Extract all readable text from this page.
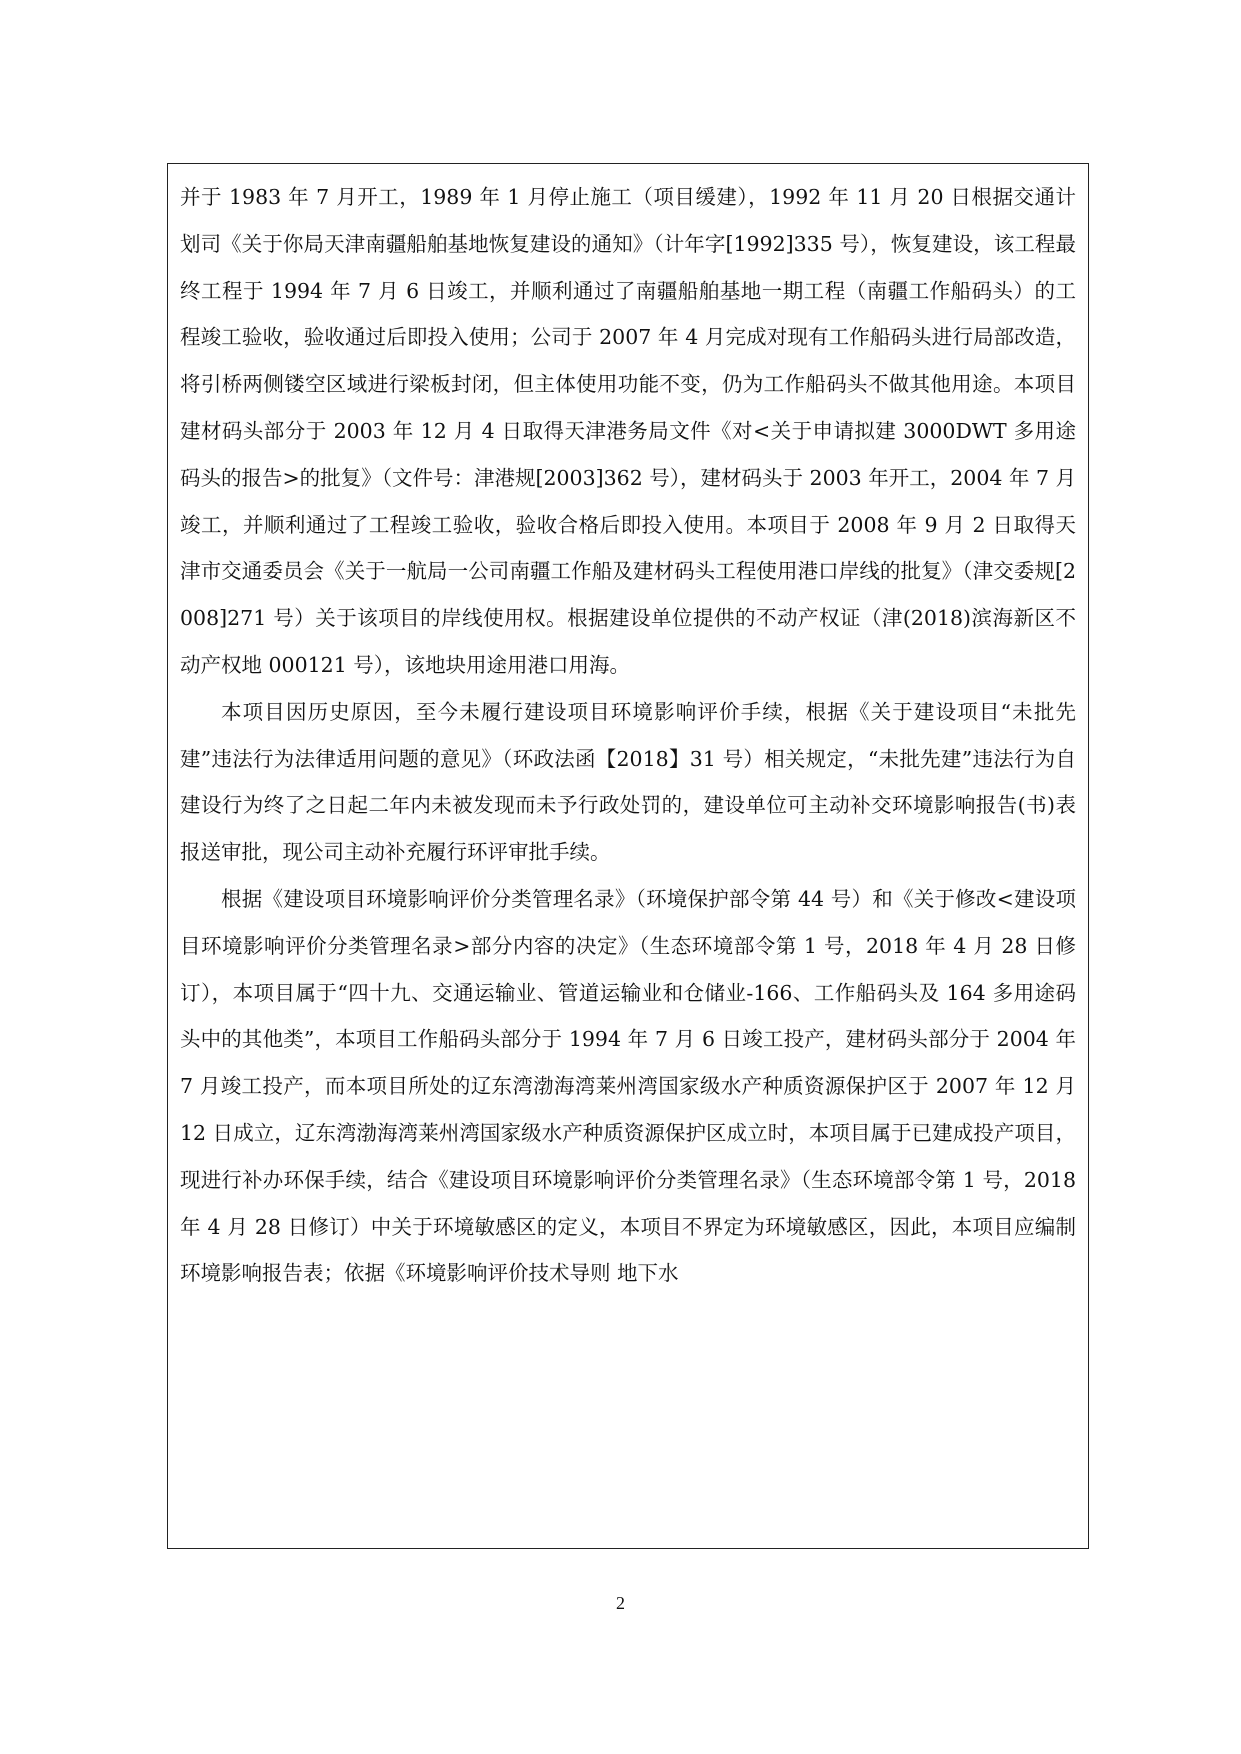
并于 1983 年 7 月开工，1989 年 1 月停止施工（项目缓建），1992 年 11 月 20 日根据交通计划司《关于你局天津南疆船舶基地恢复建设的通知》（计年字[1992]335 号），恢复建设，该工程最终工程于 1994 年 7 月 6 日竣工，并顺利通过了南疆船舶基地一期工程（南疆工作船码头）的工程竣工验收，验收通过后即投入使用；公司于 2007 年 4 月完成对现有工作船码头进行局部改造，将引桥两侧镂空区域进行梁板封闭，但主体使用功能不变，仍为工作船码头不做其他用途。本项目建材码头部分于 2003 年 12 月 4 日取得天津港务局文件《对<关于申请拟建 3000DWT 多用途码头的报告>的批复》（文件号：津港规[2003]362 号），建材码头于 2003 年开工，2004 年 7 月竣工，并顺利通过了工程竣工验收，验收合格后即投入使用。本项目于 2008 年 9 月 2 日取得天津市交通委员会《关于一航局一公司南疆工作船及建材码头工程使用港口岸线的批复》（津交委规[2008]271 号）关于该项目的岸线使用权。根据建设单位提供的不动产权证（津(2018)滨海新区不动产权地 000121 号），该地块用途用港口用海。

本项目因历史原因，至今未履行建设项目环境影响评价手续，根据《关于建设项目“未批先建”违法行为法律适用问题的意见》（环政法函【2018】31 号）相关规定，“未批先建”违法行为自建设行为终了之日起二年内未被发现而未予行政处罚的，建设单位可主动补交环境影响报告(书)表报送审批，现公司主动补充履行环评审批手续。

根据《建设项目环境影响评价分类管理名录》（环境保护部令第 44 号）和《关于修改<建设项目环境影响评价分类管理名录>部分内容的决定》（生态环境部令第 1 号，2018 年 4 月 28 日修订），本项目属于“四十九、交通运输业、管道运输业和仓储业-166、工作船码头及 164 多用途码头中的其他类”，本项目工作船码头部分于 1994 年 7 月 6 日竣工投产，建材码头部分于 2004 年 7 月竣工投产，而本项目所处的辽东湾渤海湾莱州湾国家级水产种质资源保护区于 2007 年 12 月 12 日成立，辽东湾渤海湾莱州湾国家级水产种质资源保护区成立时，本项目属于已建成投产项目，现进行补办环保手续，结合《建设项目环境影响评价分类管理名录》（生态环境部令第 1 号，2018 年 4 月 28 日修订）中关于环境敏感区的定义，本项目不界定为环境敏感区，因此，本项目应编制环境影响报告表；依据《环境影响评价技术导则 地下水

2
